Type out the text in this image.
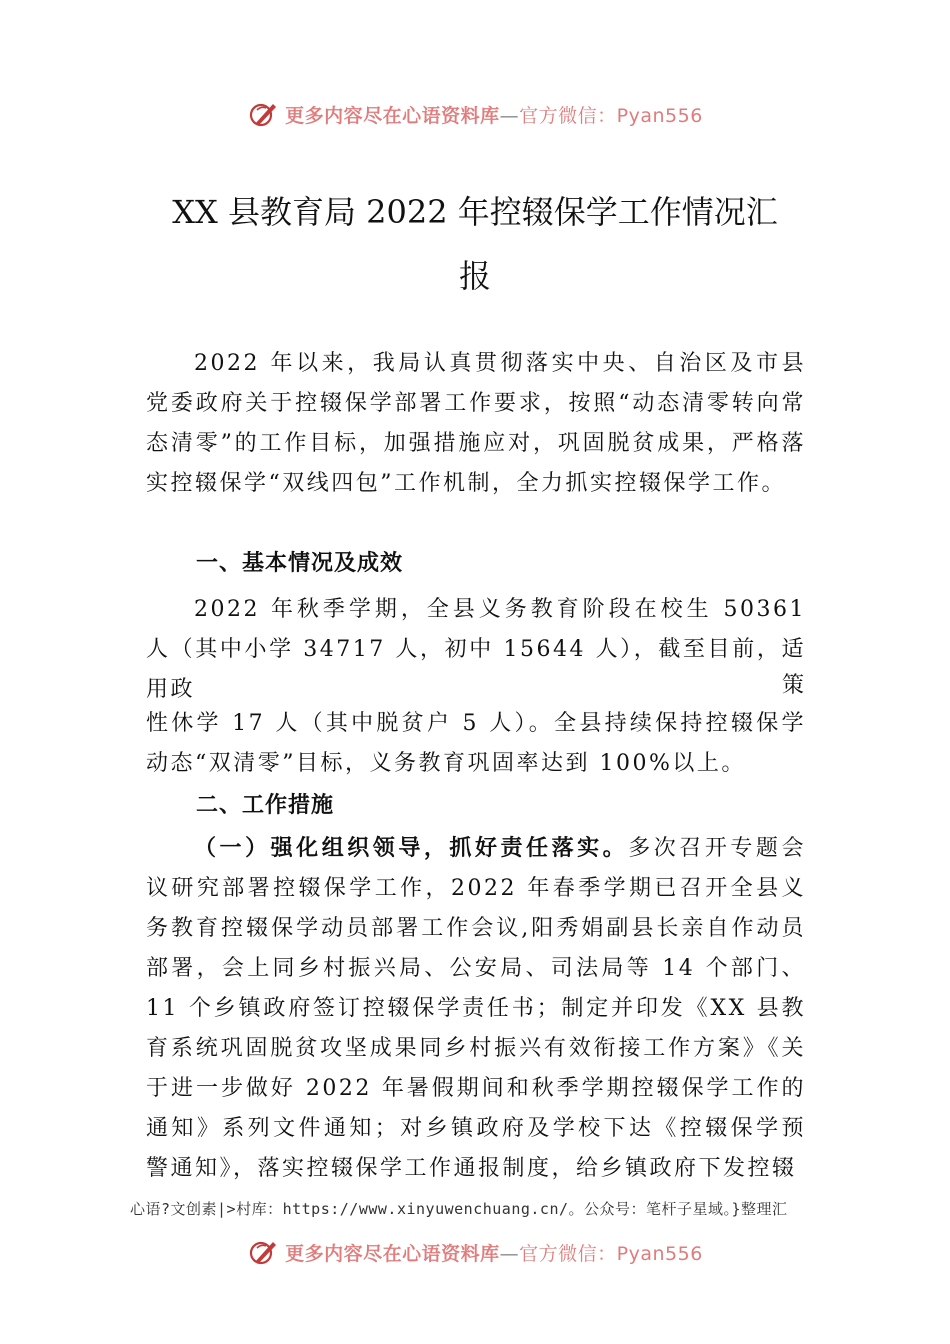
更多内容尽在心语资料库—官方微信：Pyan556
XX 县教育局 2022 年控辍保学工作情况汇
报

2022 年以来，我局认真贯彻落实中央、自治区及市县党委政府关于控辍保学部署工作要求，按照“动态清零转向常态清零”的工作目标，加强措施应对，巩固脱贫成果，严格落实控辍保学“双线四包”工作机制，全力抓实控辍保学工作。

一、基本情况及成效

2022 年秋季学期，全县义务教育阶段在校生 50361 人（其中小学 34717 人，初中 15644 人），截至目前，适用政	策

性休学 17 人（其中脱贫户 5 人）。全县持续保持控辍保学动态“双清零”目标，义务教育巩固率达到 100%以上。

二、工作措施

（一）强化组织领导，抓好责任落实。多次召开专题会议研究部署控辍保学工作，2022 年春季学期已召开全县义务教育控辍保学动员部署工作会议,阳秀娟副县长亲自作动员部署，会上同乡村振兴局、公安局、司法局等 14 个部门、11 个乡镇政府签订控辍保学责任书；制定并印发《XX 县教育系统巩固脱贫攻坚成果同乡村振兴有效衔接工作方案》《关 于进一步做好 2022 年暑假期间和秋季学期控辍保学工作的通知》系列文件通知；对乡镇政府及学校下达《控辍保学预警通知》，落实控辍保学工作通报制度，给乡镇政府下发控辍

心语?文创素|>村库：https://www.xinyuwenchuang.cn/。公众号：笔杆子星域。}整理汇
更多内容尽在心语资料库—官方微信：Pyan556
